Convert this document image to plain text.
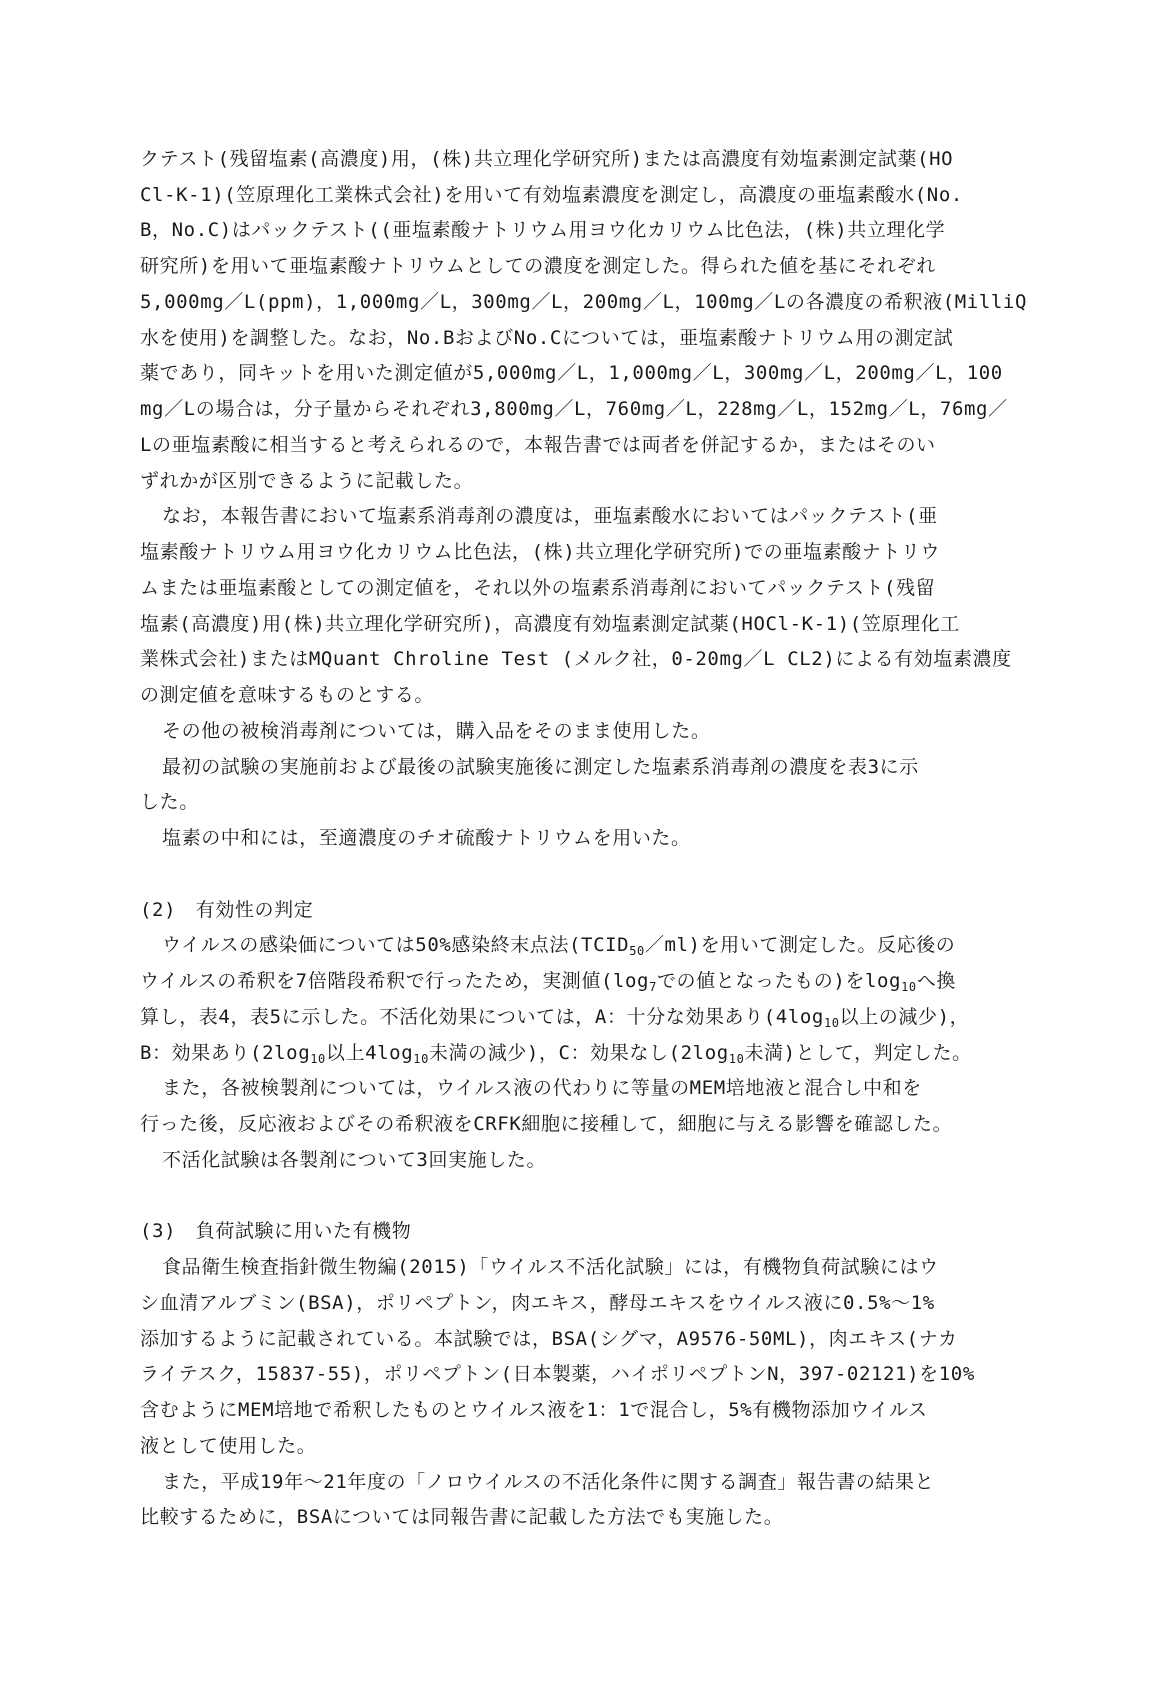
クテスト(残留塩素(高濃度)用，(株)共立理化学研究所)または高濃度有効塩素測定試薬(HO
Cl-K-1)(笠原理化工業株式会社)を用いて有効塩素濃度を測定し，高濃度の亜塩素酸水(No.
B，No.C)はパックテスト((亜塩素酸ナトリウム用ヨウ化カリウム比色法，(株)共立理化学
研究所)を用いて亜塩素酸ナトリウムとしての濃度を測定した。得られた値を基にそれぞれ
5,000mg／L(ppm)，1,000mg／L，300mg／L，200mg／L，100mg／Lの各濃度の希釈液(MilliQ
水を使用)を調整した。なお，No.BおよびNo.Cについては，亜塩素酸ナトリウム用の測定試
薬であり，同キットを用いた測定値が5,000mg／L，1,000mg／L，300mg／L，200mg／L，100
mg／Lの場合は，分子量からそれぞれ3,800mg／L，760mg／L，228mg／L，152mg／L，76mg／
Lの亜塩素酸に相当すると考えられるので，本報告書では両者を併記するか，またはそのい
ずれかが区別できるように記載した。
なお，本報告書において塩素系消毒剤の濃度は，亜塩素酸水においてはパックテスト(亜
塩素酸ナトリウム用ヨウ化カリウム比色法，(株)共立理化学研究所)での亜塩素酸ナトリウ
ムまたは亜塩素酸としての測定値を，それ以外の塩素系消毒剤においてパックテスト(残留
塩素(高濃度)用(株)共立理化学研究所)，高濃度有効塩素測定試薬(HOCl-K-1)(笠原理化工
業株式会社)またはMQuant Chroline Test (メルク社，0-20mg／L CL2)による有効塩素濃度
の測定値を意味するものとする。
その他の被検消毒剤については，購入品をそのまま使用した。
最初の試験の実施前および最後の試験実施後に測定した塩素系消毒剤の濃度を表3に示
した。
塩素の中和には，至適濃度のチオ硫酸ナトリウムを用いた。
(2)　有効性の判定
ウイルスの感染価については50%感染終末点法$(TCID_{50}/ml)$を用いて測定した。反応後の
ウイルスの希釈を7倍階段希釈で行ったため，実測値($\log_7$での値となったもの)を$\log_{10}$へ換
算し，表4，表5に示した。不活化効果については，A：十分な効果あり($4\log_{10}$以上の減少)，
B：効果あり($2\log_{10}$以上$4\log_{10}$未満の減少)，C：効果なし($2\log_{10}$未満)として，判定した。
また，各被検製剤については，ウイルス液の代わりに等量のMEM培地液と混合し中和を
行った後，反応液およびその希釈液をCRFK細胞に接種して，細胞に与える影響を確認した。
不活化試験は各製剤について3回実施した。
(3)　負荷試験に用いた有機物
食品衛生検査指針微生物編(2015)「ウイルス不活化試験」には，有機物負荷試験にはウ
シ血清アルブミン(BSA)，ポリペプトン，肉エキス，酵母エキスをウイルス液に0.5%～1%
添加するように記載されている。本試験では，BSA(シグマ，A9576-50ML)，肉エキス(ナカ
ライテスク，15837-55)，ポリペプトン(日本製薬，ハイポリペプトンN，397-02121)を10%
含むようにMEM培地で希釈したものとウイルス液を1：1で混合し，5%有機物添加ウイルス
液として使用した。
また，平成19年～21年度の「ノロウイルスの不活化条件に関する調査」報告書の結果と
比較するために，BSAについては同報告書に記載した方法でも実施した。
